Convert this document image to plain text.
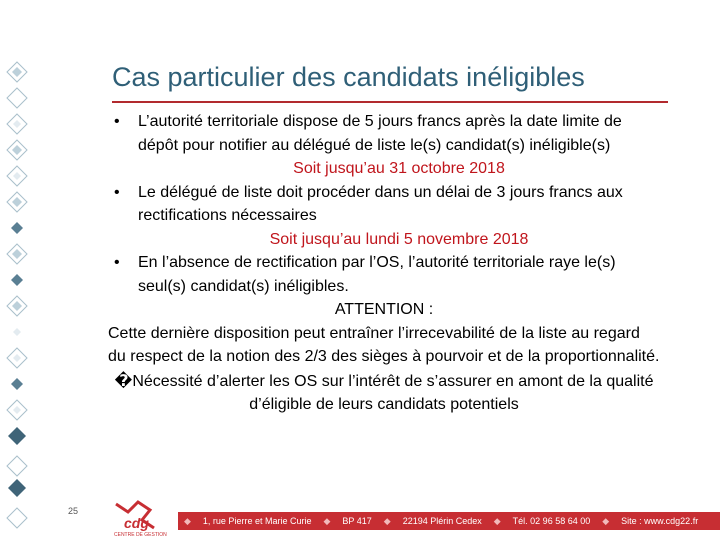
Cas particulier des candidats inéligibles
• L’autorité territoriale dispose de 5 jours francs après la date limite de dépôt pour notifier au délégué de liste le(s) candidat(s) inéligible(s)
Soit jusqu’au 31 octobre 2018
• Le délégué de liste doit procéder dans un délai de 3 jours francs aux rectifications nécessaires
Soit jusqu’au lundi 5 novembre 2018
• En l’absence de rectification par l’OS, l’autorité territoriale raye le(s) seul(s) candidat(s) inéligibles.
ATTENTION :
Cette dernière disposition peut entraîner l’irrecevabilité de la liste au regard du respect de la notion des 2/3 des sièges à pourvoir et de la proportionnalité.
�Nécessité d’alerter les OS sur l’intérêt de s’assurer en amont de la qualité d’éligible de leurs candidats potentiels
25
cdg
CENTRE DE GESTION
◆ 1, rue Pierre et Marie Curie ◆ BP 417 ◆ 22194 Plérin Cedex ◆ Tél. 02 96 58 64 00 ◆ Site : www.cdg22.fr
